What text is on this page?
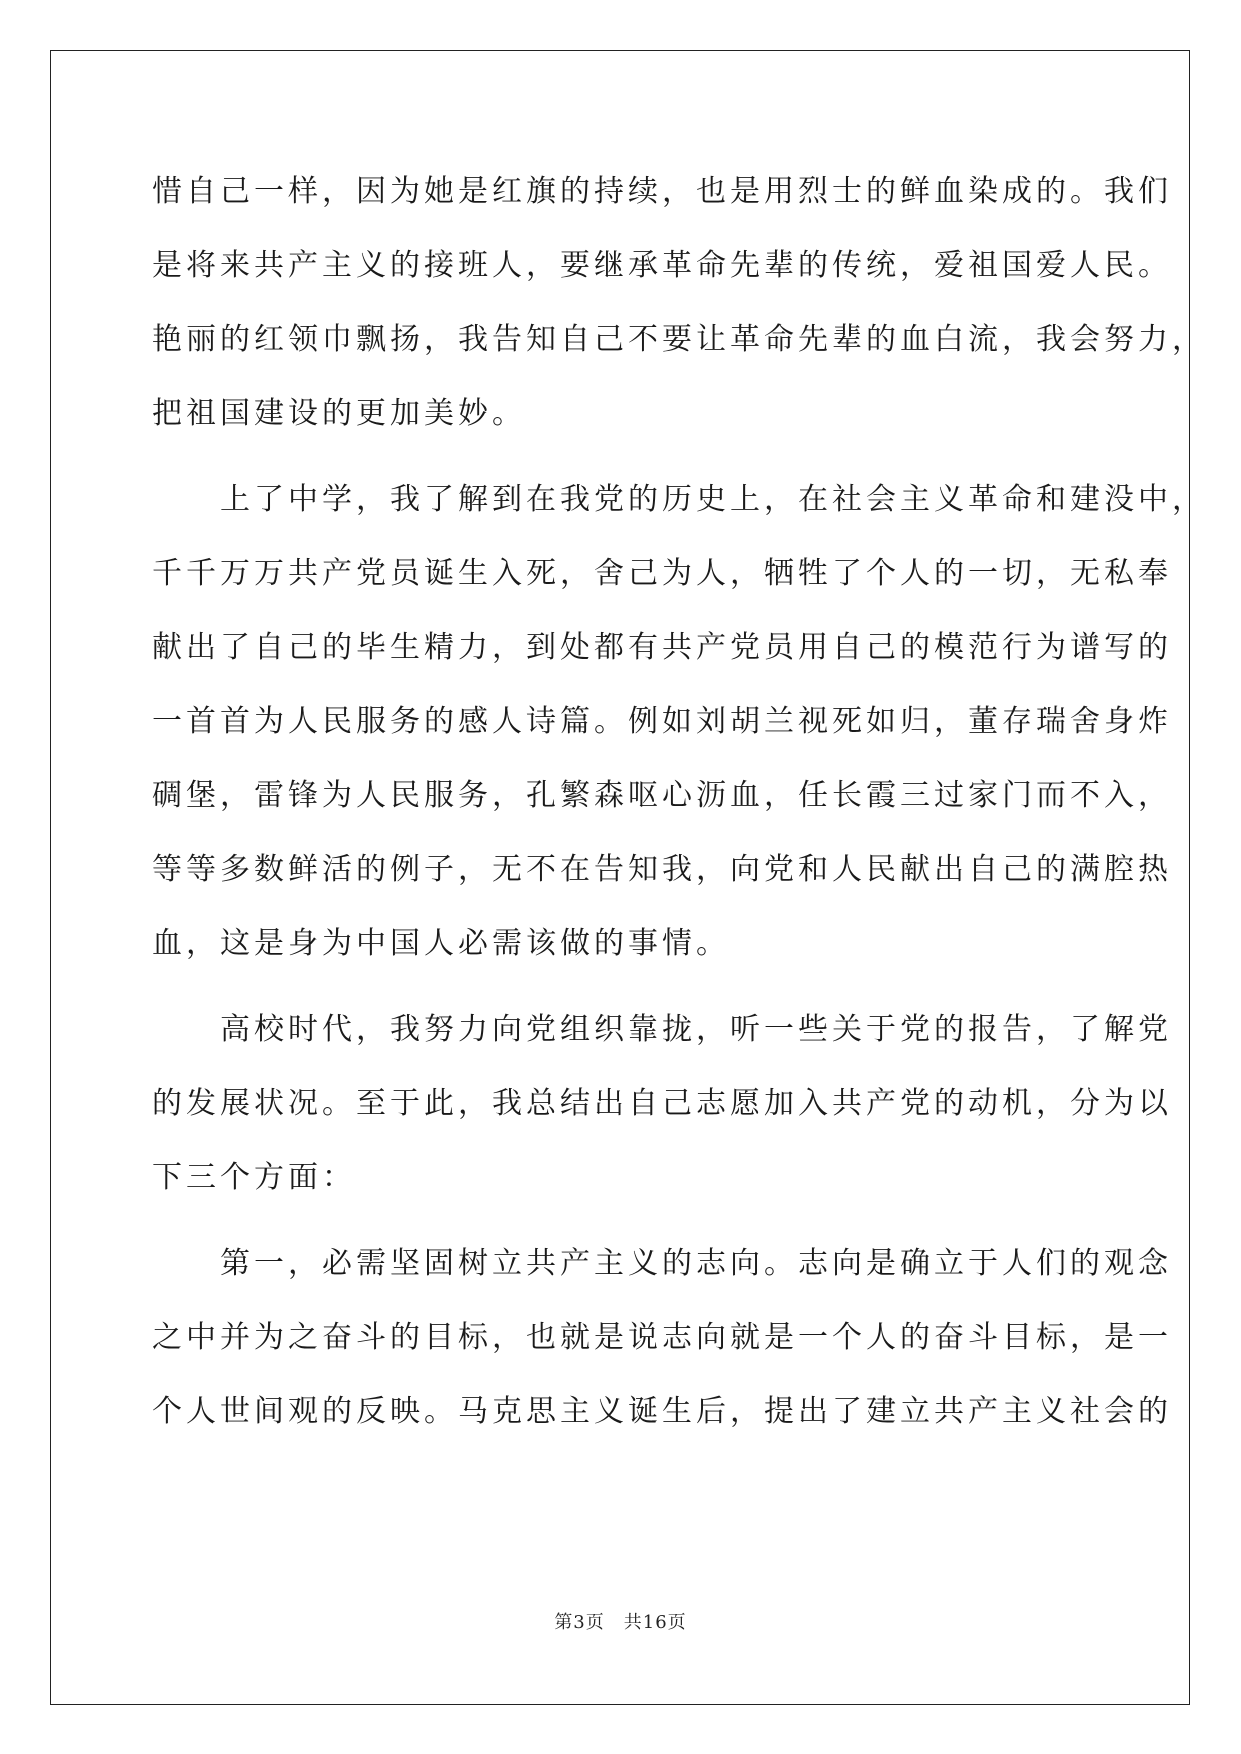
惜自己一样，因为她是红旗的持续，也是用烈士的鲜血染成的。我们
是将来共产主义的接班人，要继承革命先辈的传统，爱祖国爱人民。
艳丽的红领巾飘扬，我告知自己不要让革命先辈的血白流，我会努力，
把祖国建设的更加美妙。
　　上了中学，我了解到在我党的历史上，在社会主义革命和建没中，
千千万万共产党员诞生入死，舍己为人，牺牲了个人的一切，无私奉
献出了自己的毕生精力，到处都有共产党员用自己的模范行为谱写的
一首首为人民服务的感人诗篇。例如刘胡兰视死如归，董存瑞舍身炸
碉堡，雷锋为人民服务，孔繁森呕心沥血，任长霞三过家门而不入，
等等多数鲜活的例子，无不在告知我，向党和人民献出自己的满腔热
血，这是身为中国人必需该做的事情。
　　高校时代，我努力向党组织靠拢，听一些关于党的报告，了解党
的发展状况。至于此，我总结出自己志愿加入共产党的动机，分为以
下三个方面：
　　第一，必需坚固树立共产主义的志向。志向是确立于人们的观念
之中并为之奋斗的目标，也就是说志向就是一个人的奋斗目标，是一
个人世间观的反映。马克思主义诞生后，提出了建立共产主义社会的
第3页　共16页
